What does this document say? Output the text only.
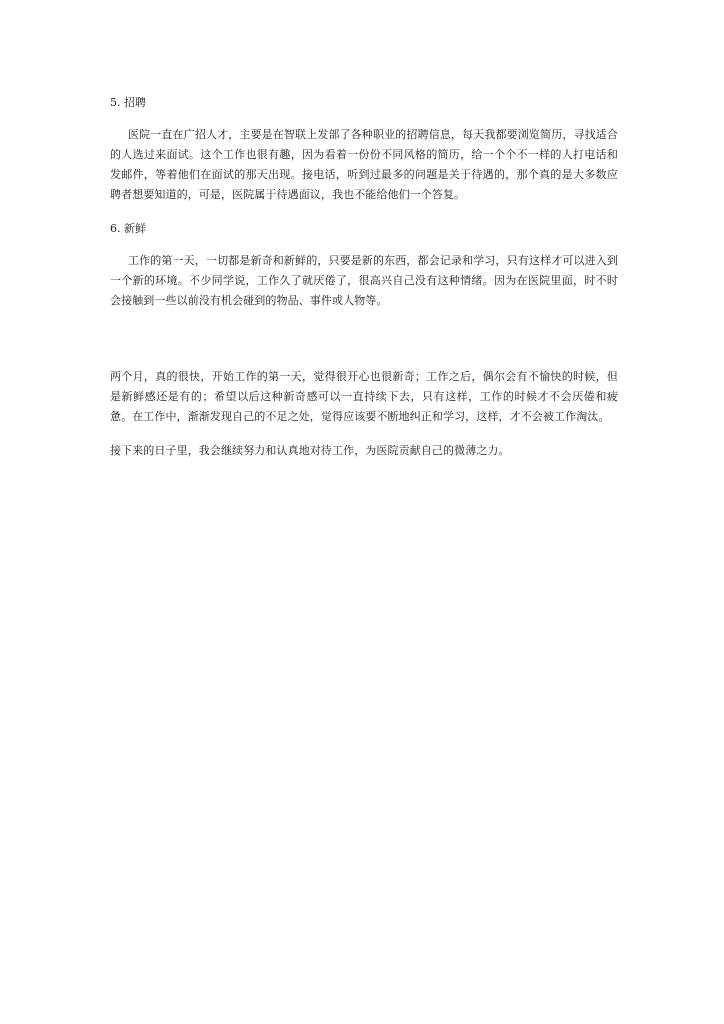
5. 招聘

医院一直在广招人才，主要是在智联上发部了各种职业的招聘信息，每天我都要浏览简历，寻找适合的人选过来面试。这个工作也很有趣，因为看着一份份不同风格的简历，给一个个不一样的人打电话和发邮件，等着他们在面试的那天出现。接电话，听到过最多的问题是关于待遇的，那个真的是大多数应聘者想要知道的，可是，医院属于待遇面议，我也不能给他们一个答复。

6. 新鲜

工作的第一天，一切都是新奇和新鲜的，只要是新的东西，都会记录和学习，只有这样才可以进入到一个新的环境。不少同学说，工作久了就厌倦了，很高兴自己没有这种情绪。因为在医院里面，时不时会接触到一些以前没有机会碰到的物品、事件或人物等。

两个月，真的很快，开始工作的第一天，觉得很开心也很新奇；工作之后，偶尔会有不愉快的时候，但是新鲜感还是有的；希望以后这种新奇感可以一直持续下去，只有这样，工作的时候才不会厌倦和疲惫。在工作中，渐渐发现自己的不足之处，觉得应该要不断地纠正和学习，这样，才不会被工作淘汰。

接下来的日子里，我会继续努力和认真地对待工作，为医院贡献自己的微薄之力。
